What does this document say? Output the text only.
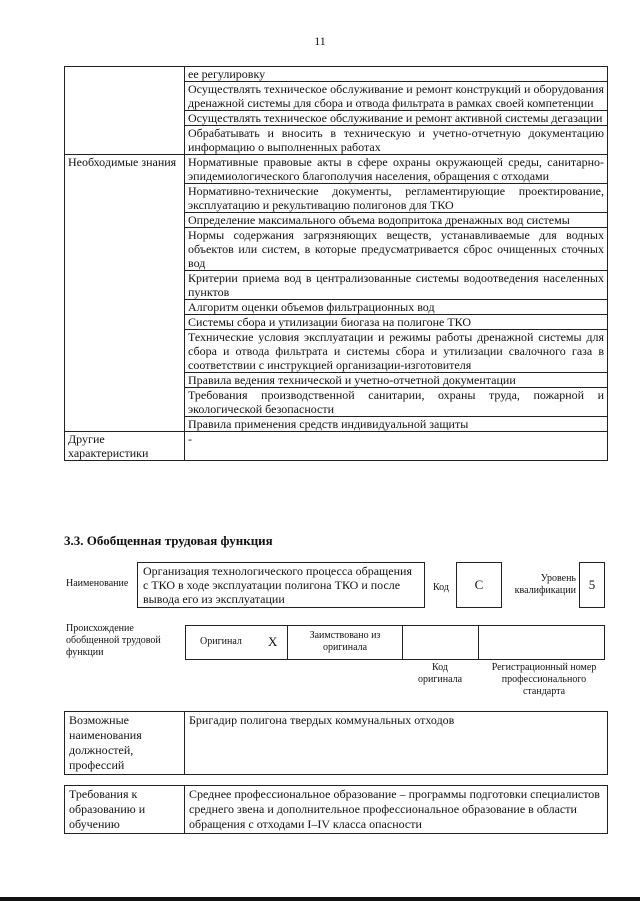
11
	ее регулировку
	Осуществлять техническое обслуживание и ремонт конструкций и оборудования дренажной системы для сбора и отвода фильтрата в рамках своей компетенции
	Осуществлять техническое обслуживание и ремонт активной системы дегазации
	Обрабатывать и вносить в техническую и учетно-отчетную документацию информацию о выполненных работах
Необходимые знания	Нормативные правовые акты в сфере охраны окружающей среды, санитарно-эпидемиологического благополучия населения, обращения с отходами
	Нормативно-технические документы, регламентирующие проектирование, эксплуатацию и рекультивацию полигонов для ТКО
	Определение максимального объема водопритока дренажных вод системы
	Нормы содержания загрязняющих веществ, устанавливаемые для водных объектов или систем, в которые предусматривается сброс очищенных сточных вод
	Критерии приема вод в централизованные системы водоотведения населенных пунктов
	Алгоритм оценки объемов фильтрационных вод
	Системы сбора и утилизации биогаза на полигоне ТКО
	Технические условия эксплуатации и режимы работы дренажной системы для сбора и отвода фильтрата и системы сбора и утилизации свалочного газа в соответствии с инструкцией организации-изготовителя
	Правила ведения технической и учетно-отчетной документации
	Требования производственной санитарии, охраны труда, пожарной и экологической безопасности
	Правила применения средств индивидуальной защиты
Другие характеристики	-
3.3. Обобщенная трудовая функция
Наименование
Организация технологического процесса обращения с ТКО в ходе эксплуатации полигона ТКО и после вывода его из эксплуатации
Код	С	Уровень квалификации 5
Происхождение обобщенной трудовой функции
Оригинал Х	Заимствовано из оригинала
Код оригинала
Регистрационный номер профессионального стандарта
Возможные наименования должностей, профессий	Бригадир полигона твердых коммунальных отходов
Требования к образованию и обучению	Среднее профессиональное образование – программы подготовки специалистов среднего звена и дополнительное профессиональное образование в области обращения с отходами I–IV класса опасности
